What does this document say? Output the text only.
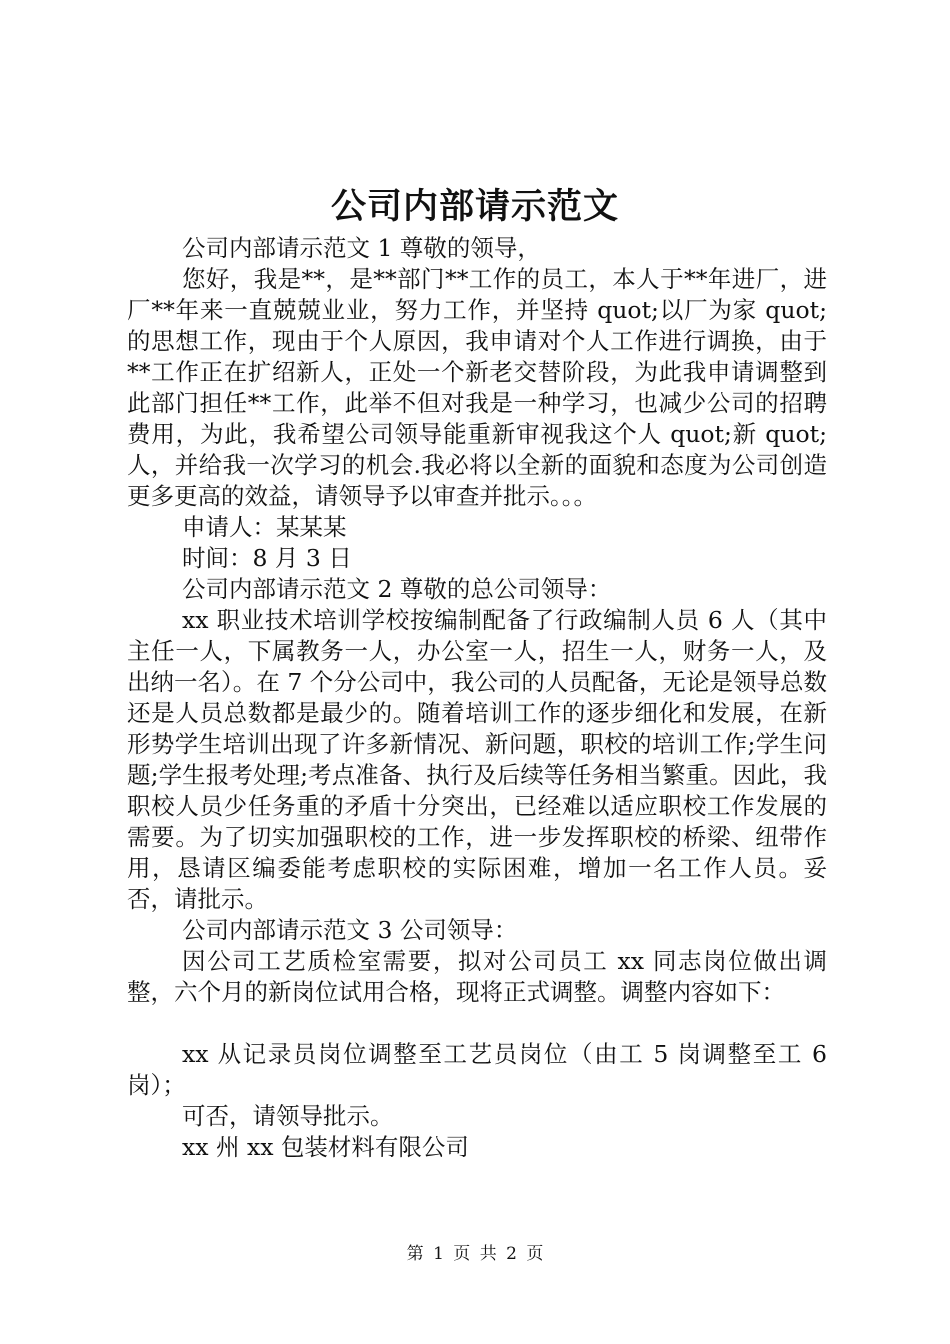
公司内部请示范文

公司内部请示范文 1 尊敬的领导，

您好，我是**，是**部门**工作的员工，本人于**年进厂，进厂**年来一直兢兢业业，努力工作，并坚持 quot;以厂为家 quot;的思想工作，现由于个人原因，我申请对个人工作进行调换，由于**工作正在扩绍新人，正处一个新老交替阶段，为此我申请调整到此部门担任**工作，此举不但对我是一种学习，也减少公司的招聘费用，为此，我希望公司领导能重新审视我这个人 quot;新 quot;人，并给我一次学习的机会.我必将以全新的面貌和态度为公司创造更多更高的效益，请领导予以审查并批示。。。

申请人：某某某

时间：8 月 3 日

公司内部请示范文 2 尊敬的总公司领导：

xx 职业技术培训学校按编制配备了行政编制人员 6 人（其中主任一人，下属教务一人，办公室一人，招生一人，财务一人，及出纳一名）。在 7 个分公司中，我公司的人员配备，无论是领导总数还是人员总数都是最少的。随着培训工作的逐步细化和发展，在新形势学生培训出现了许多新情况、新问题，职校的培训工作;学生问题;学生报考处理;考点准备、执行及后续等任务相当繁重。因此，我职校人员少任务重的矛盾十分突出，已经难以适应职校工作发展的需要。为了切实加强职校的工作，进一步发挥职校的桥梁、纽带作用，恳请区编委能考虑职校的实际困难，增加一名工作人员。妥否，请批示。

公司内部请示范文 3 公司领导：

因公司工艺质检室需要，拟对公司员工 xx 同志岗位做出调整，六个月的新岗位试用合格，现将正式调整。调整内容如下：

xx 从记录员岗位调整至工艺员岗位（由工 5 岗调整至工 6 岗）；

可否，请领导批示。

xx 州 xx 包装材料有限公司

第 1 页 共 2 页
